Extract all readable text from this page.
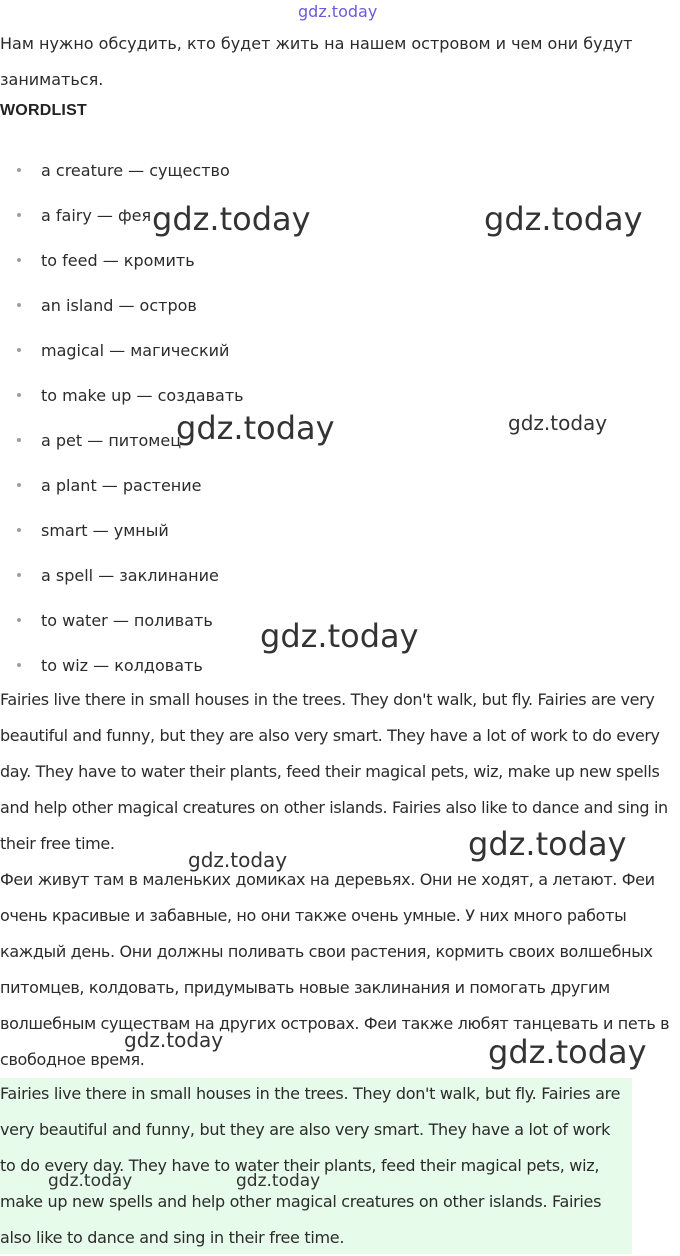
gdz.today

Нам нужно обсудить, кто будет жить на нашем островом и чем они будут заниматься.

WORDLIST
a creature — существо
a fairy — фея
to feed — кромить
an island — остров
magical — магический
to make up — создавать
a pet — питомец
a plant — растение
smart — умный
a spell — заклинание
to water — поливать
to wiz — колдовать

Fairies live there in small houses in the trees. They don't walk, but fly. Fairies are very beautiful and funny, but they are also very smart. They have a lot of work to do every day. They have to water their plants, feed their magical pets, wiz, make up new spells and help other magical creatures on other islands. Fairies also like to dance and sing in their free time.

Феи живут там в маленьких домиках на деревьях. Они не ходят, а летают. Феи очень красивые и забавные, но они также очень умные. У них много работы каждый день. Они должны поливать свои растения, кормить своих волшебных питомцев, колдовать, придумывать новые заклинания и помогать другим волшебным существам на других островах. Феи также любят танцевать и петь в свободное время.

Fairies live there in small houses in the trees. They don't walk, but fly. Fairies are very beautiful and funny, but they are also very smart. They have a lot of work to do every day. They have to water their plants, feed their magical pets, wiz, make up new spells and help other magical creatures on other islands. Fairies also like to dance and sing in their free time.

gdz.today	gdz.today
gdz.today	gdz.today
gdz.today
gdz.today
gdz.today
gdz.today	gdz.today
gdz.today	gdz.today
